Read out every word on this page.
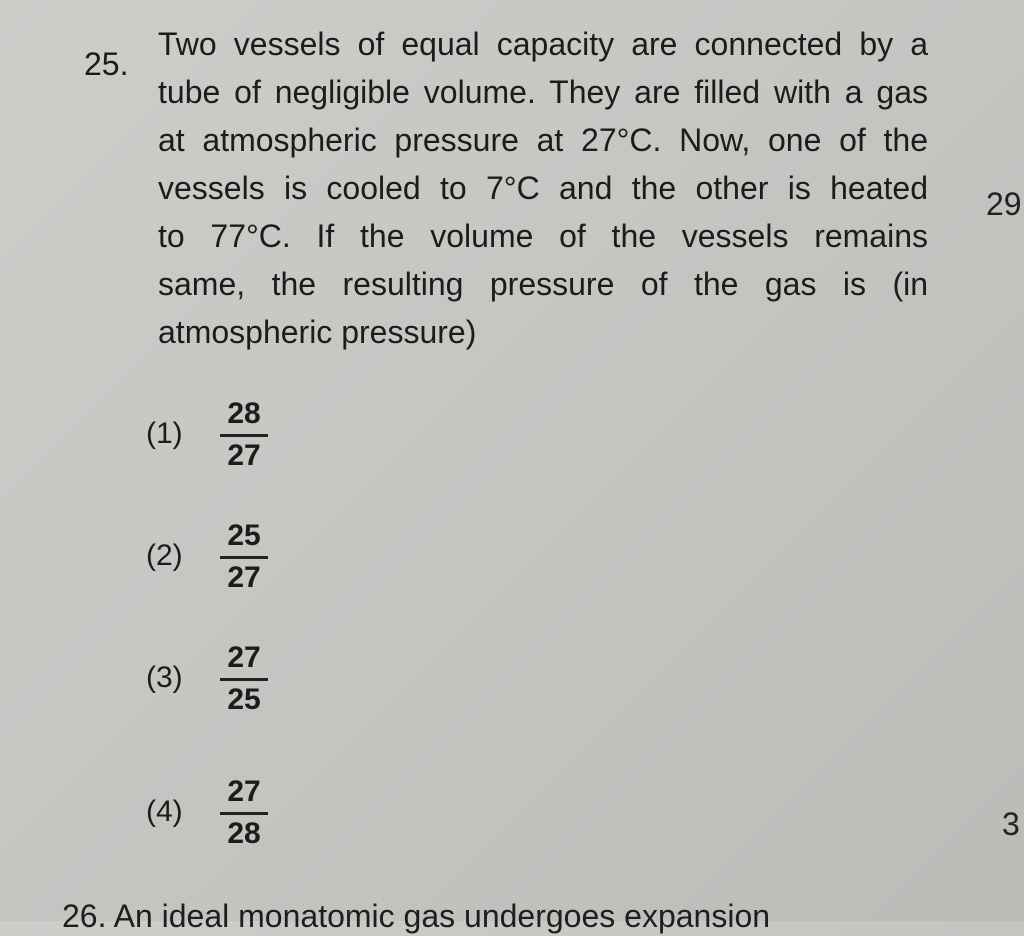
25.
Two vessels of equal capacity are connected by a
tube of negligible volume. They are filled with a gas
at atmospheric pressure at 27°C. Now, one of the
vessels is cooled to 7°C and the other is heated
to 77°C. If the volume of the vessels remains
same, the resulting pressure of the gas is (in
atmospheric pressure)
(1)
28
27
(2)
25
27
(3)
27
25
(4)
27
28
29
3
26. An ideal monatomic gas undergoes expansion
